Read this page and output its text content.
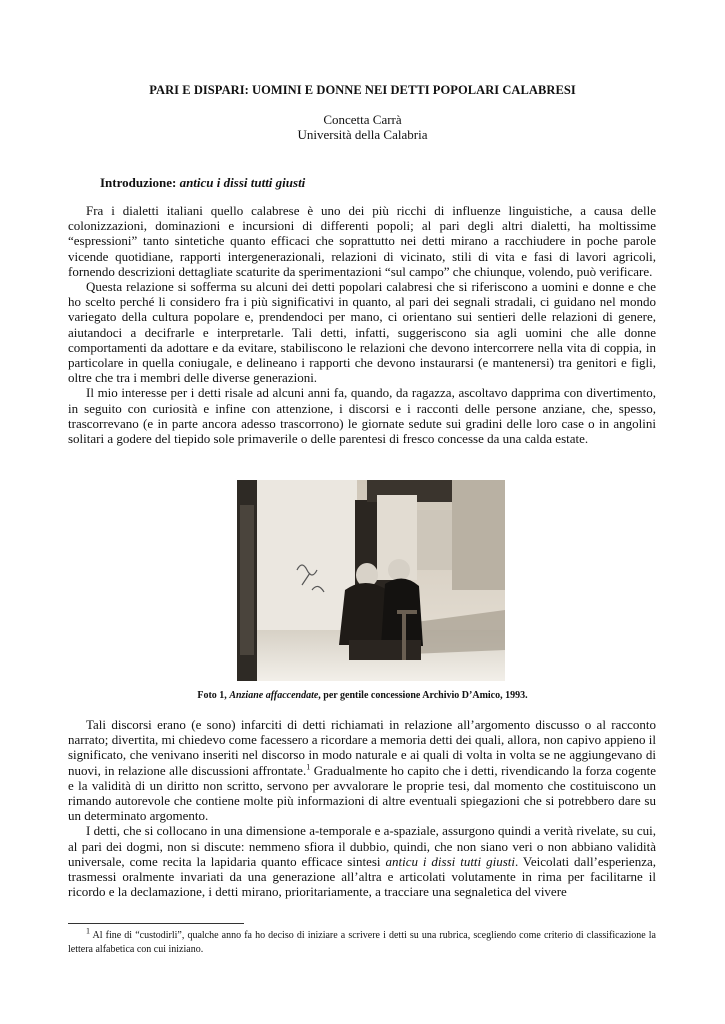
PARI E DISPARI: UOMINI E DONNE NEI DETTI POPOLARI CALABRESI
Concetta Carrà
Università della Calabria
Introduzione: anticu i dissi tutti giusti

Fra i dialetti italiani quello calabrese è uno dei più ricchi di influenze linguistiche, a causa delle colonizzazioni, dominazioni e incursioni di differenti popoli; al pari degli altri dialetti, ha moltissime “espressioni” tanto sintetiche quanto efficaci che soprattutto nei detti mirano a racchiudere in poche parole vicende quotidiane, rapporti intergenerazionali, relazioni di vicinato, stili di vita e fasi di lavori agricoli, fornendo descrizioni dettagliate scaturite da sperimentazioni “sul campo” che chiunque, volendo, può verificare.

Questa relazione si sofferma su alcuni dei detti popolari calabresi che si riferiscono a uomini e donne e che ho scelto perché li considero fra i più significativi in quanto, al pari dei segnali stradali, ci guidano nel mondo variegato della cultura popolare e, prendendoci per mano, ci orientano sui sentieri delle relazioni di genere, aiutandoci a decifrarle e interpretarle. Tali detti, infatti, suggeriscono sia agli uomini che alle donne comportamenti da adottare e da evitare, stabiliscono le relazioni che devono intercorrere nella vita di coppia, in particolare in quella coniugale, e delineano i rapporti che devono instaurarsi (e mantenersi) tra genitori e figli, oltre che tra i membri delle diverse generazioni.

Il mio interesse per i detti risale ad alcuni anni fa, quando, da ragazza, ascoltavo dapprima con divertimento, in seguito con curiosità e infine con attenzione, i discorsi e i racconti delle persone anziane, che, spesso, trascorrevano (e in parte ancora adesso trascorrono) le giornate sedute sui gradini delle loro case o in angolini solitari a godere del tiepido sole primaverile o delle parentesi di fresco concesse da una calda estate.

Foto 1, Anziane affaccendate, per gentile concessione Archivio D’Amico, 1993.

Tali discorsi erano (e sono) infarciti di detti richiamati in relazione all’argomento discusso o al racconto narrato; divertita, mi chiedevo come facessero a ricordare a memoria detti dei quali, allora, non capivo appieno il significato, che venivano inseriti nel discorso in modo naturale e ai quali di volta in volta se ne aggiungevano di nuovi, in relazione alle discussioni affrontate.$^1$ Gradualmente ho capito che i detti, rivendicando la forza cogente e la validità di un diritto non scritto, servono per avvalorare le proprie tesi, dal momento che costituiscono un rimando autorevole che contiene molte più informazioni di altre eventuali spiegazioni che si potrebbero dare su un determinato argomento.

I detti, che si collocano in una dimensione a-temporale e a-spaziale, assurgono quindi a verità rivelate, su cui, al pari dei dogmi, non si discute: nemmeno sfiora il dubbio, quindi, che non siano veri o non abbiano validità universale, come recita la lapidaria quanto efficace sintesi anticu i dissi tutti giusti. Veicolati dall’esperienza, trasmessi oralmente invariati da una generazione all’altra e articolati volutamente in rima per facilitarne il ricordo e la declamazione, i detti mirano, prioritariamente, a tracciare una segnaletica del vivere

$^1$ Al fine di “custodirli”, qualche anno fa ho deciso di iniziare a scrivere i detti su una rubrica, scegliendo come criterio di classificazione la lettera alfabetica con cui iniziano.
